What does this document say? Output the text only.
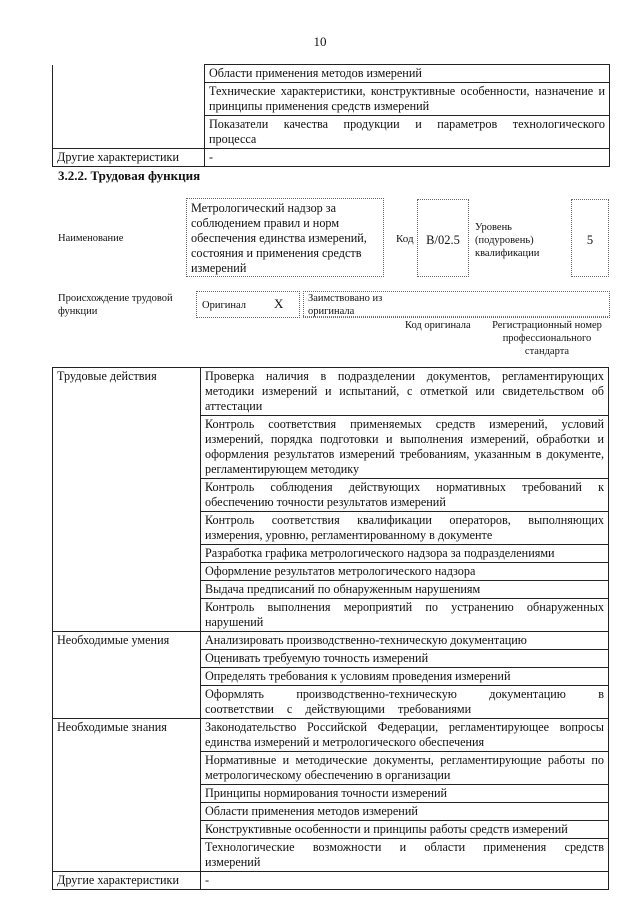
10
	Области применения методов измерений
	Технические характеристики, конструктивные особенности, назначение и принципы применения средств измерений
	Показатели качества продукции и параметров технологического процесса
Другие характеристики	-
3.2.2. Трудовая функция
Наименование
Метрологический надзор за соблюдением правил и норм обеспечения единства измерений, состояния и применения средств измерений
Код	B/02.5
Уровень (подуровень) квалификации
5
Происхождение трудовой функции
Оригинал X Заимствовано из оригинала
Код оригинала	Регистрационный номер профессионального стандарта
Трудовые действия	Проверка наличия в подразделении документов, регламентирующих методики измерений и испытаний, с отметкой или свидетельством об аттестации
	Контроль соответствия применяемых средств измерений, условий измерений, порядка подготовки и выполнения измерений, обработки и оформления результатов измерений требованиям, указанным в документе, регламентирующем методику
	Контроль соблюдения действующих нормативных требований к обеспечению точности результатов измерений
	Контроль соответствия квалификации операторов, выполняющих измерения, уровню, регламентированному в документе
	Разработка графика метрологического надзора за подразделениями
	Оформление результатов метрологического надзора
	Выдача предписаний по обнаруженным нарушениям
	Контроль выполнения мероприятий по устранению обнаруженных нарушений
Необходимые умения	Анализировать производственно-техническую документацию
	Оценивать требуемую точность измерений
	Определять требования к условиям проведения измерений
	Оформлять производственно-техническую документацию в соответствии с действующими требованиями
Необходимые знания	Законодательство Российской Федерации, регламентирующее вопросы единства измерений и метрологического обеспечения
	Нормативные и методические документы, регламентирующие работы по метрологическому обеспечению в организации
	Принципы нормирования точности измерений
	Области применения методов измерений
	Конструктивные особенности и принципы работы средств измерений
	Технологические возможности и области применения средств измерений
Другие характеристики	-
